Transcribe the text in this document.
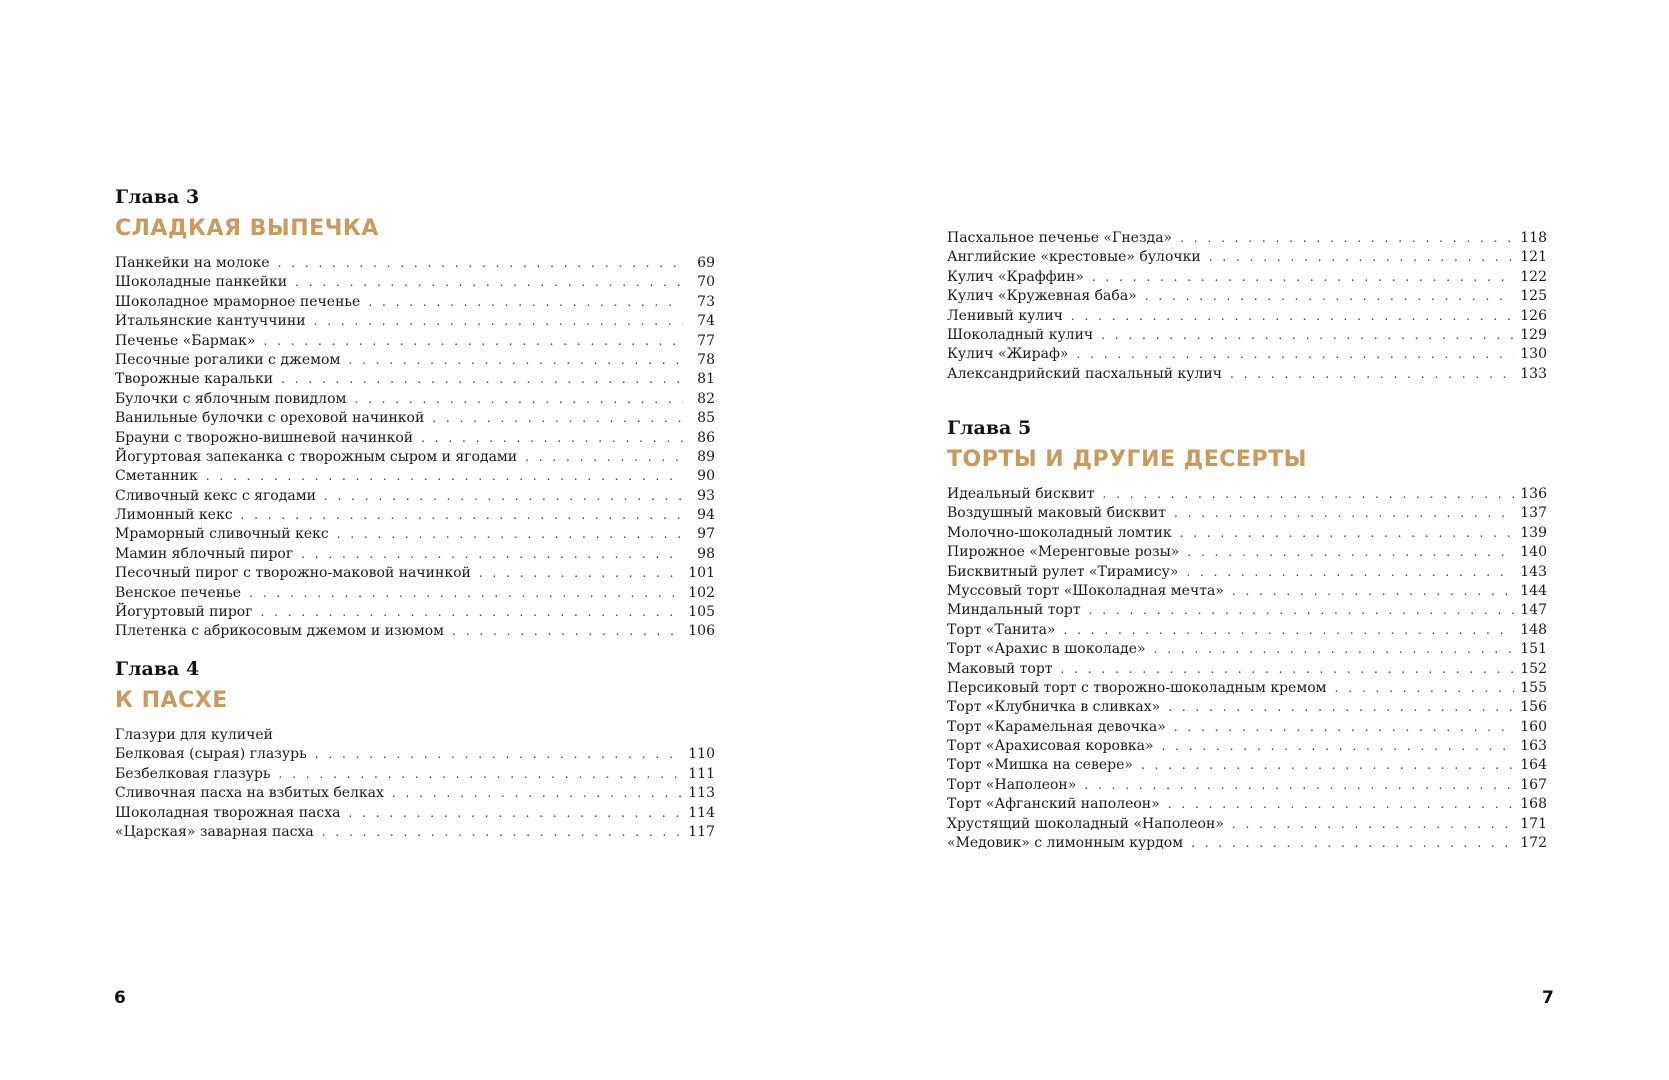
Глава 3
СЛАДКАЯ ВЫПЕЧКА
Панкейки на молоке . . .	69
Шоколадные панкейки . . .	70
Шоколадное мраморное печенье . . .	73
Итальянские кантуччини . . .	74
Печенье «Бармак» . . .	77
Песочные рогалики с джемом . . .	78
Творожные каральки . . .	81
Булочки с яблочным повидлом . . .	82
Ванильные булочки с ореховой начинкой . . .	85
Брауни с творожно-вишневой начинкой . . .	86
Йогуртовая запеканка с творожным сыром и ягодами . . .	89
Сметанник . . .	90
Сливочный кекс с ягодами . . .	93
Лимонный кекс . . .	94
Мраморный сливочный кекс . . .	97
Мамин яблочный пирог . . .	98
Песочный пирог с творожно-маковой начинкой . . .	101
Венское печенье . . .	102
Йогуртовый пирог . . .	105
Плетенка с абрикосовым джемом и изюмом . . .	106
Глава 4
К ПАСХЕ
Глазури для куличей
Белковая (сырая) глазурь . . .	110
Безбелковая глазурь . . .	111
Сливочная пасха на взбитых белках . . .	113
Шоколадная творожная пасха . . .	114
«Царская» заварная пасха . . .	117
6
Пасхальное печенье «Гнезда» . . .	118
Английские «крестовые» булочки . . .	121
Кулич «Краффин» . . .	122
Кулич «Кружевная баба» . . .	125
Ленивый кулич . . .	126
Шоколадный кулич . . .	129
Кулич «Жираф» . . .	130
Александрийский пасхальный кулич . . .	133
Глава 5
ТОРТЫ И ДРУГИЕ ДЕСЕРТЫ
Идеальный бисквит . . .	136
Воздушный маковый бисквит . . .	137
Молочно-шоколадный ломтик . . .	139
Пирожное «Меренговые розы» . . .	140
Бисквитный рулет «Тирамису» . . .	143
Муссовый торт «Шоколадная мечта» . . .	144
Миндальный торт . . .	147
Торт «Танита» . . .	148
Торт «Арахис в шоколаде» . . .	151
Маковый торт . . .	152
Персиковый торт с творожно-шоколадным кремом . . .	155
Торт «Клубничка в сливках» . . .	156
Торт «Карамельная девочка» . . .	160
Торт «Арахисовая коровка» . . .	163
Торт «Мишка на севере» . . .	164
Торт «Наполеон» . . .	167
Торт «Афганский наполеон» . . .	168
Хрустящий шоколадный «Наполеон» . . .	171
«Медовик» с лимонным курдом . . .	172
7
